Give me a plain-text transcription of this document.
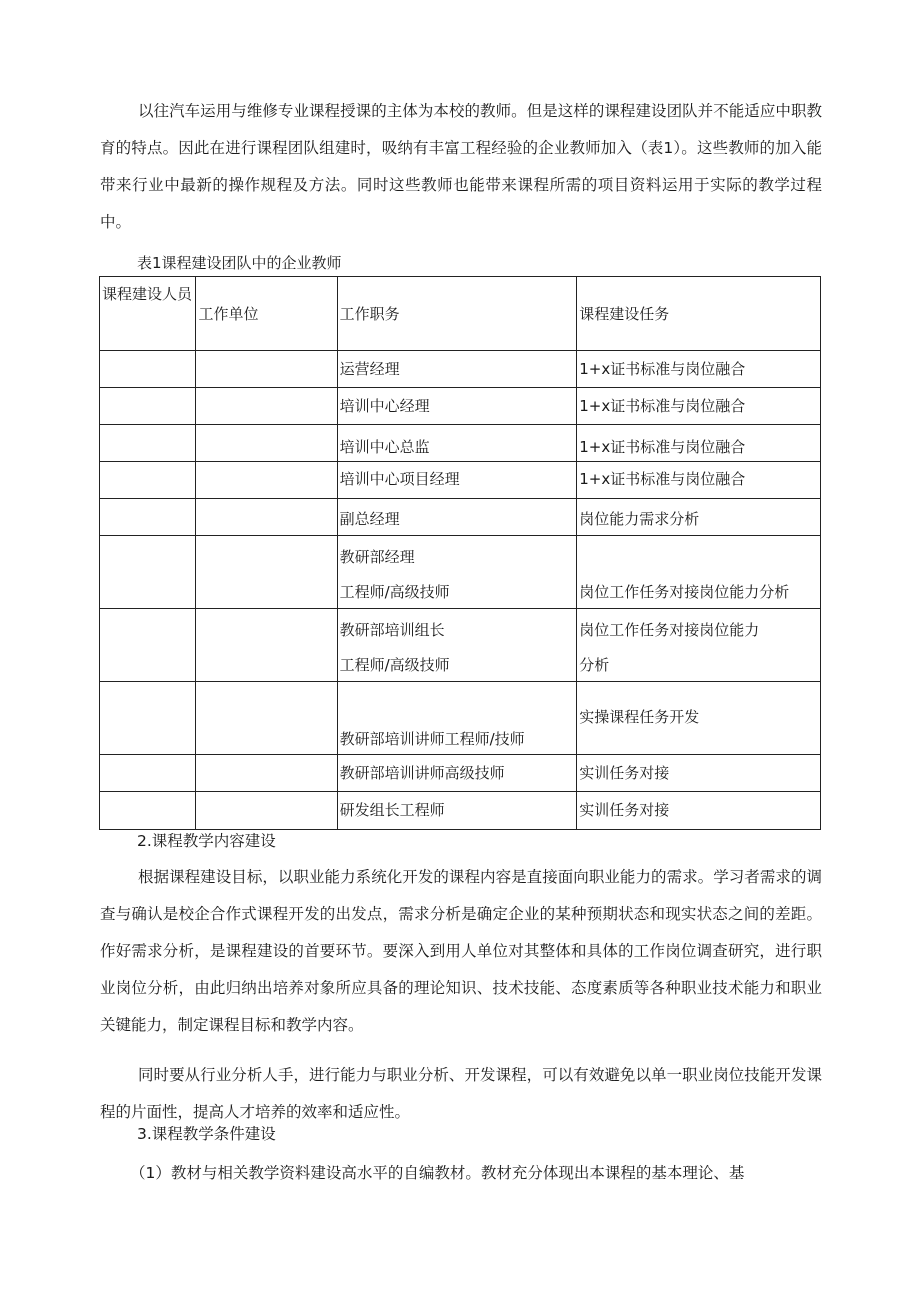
以往汽车运用与维修专业课程授课的主体为本校的教师。但是这样的课程建设团队并不能适应中职教育的特点。因此在进行课程团队组建时，吸纳有丰富工程经验的企业教师加入（表1）。这些教师的加入能带来行业中最新的操作规程及方法。同时这些教师也能带来课程所需的项目资料运用于实际的教学过程中。

表1课程建设团队中的企业教师
课程建设人员	工作单位	工作职务	课程建设任务

		运营经理	1+x证书标准与岗位融合

		培训中心经理	1+x证书标准与岗位融合

		培训中心总监	1+x证书标准与岗位融合

		培训中心项目经理	1+x证书标准与岗位融合

		副总经理	岗位能力需求分析

		教研部经理
工程师/高级技师	岗位工作任务对接岗位能力分析

		教研部培训组长
工程师/高级技师	岗位工作任务对接岗位能力
分析

		教研部培训讲师工程师/技师	实操课程任务开发

		教研部培训讲师高级技师	实训任务对接

		研发组长工程师	实训任务对接
2.课程教学内容建设

根据课程建设目标，以职业能力系统化开发的课程内容是直接面向职业能力的需求。学习者需求的调查与确认是校企合作式课程开发的出发点，需求分析是确定企业的某种预期状态和现实状态之间的差距。作好需求分析，是课程建设的首要环节。要深入到用人单位对其整体和具体的工作岗位调查研究，进行职业岗位分析，由此归纳出培养对象所应具备的理论知识、技术技能、态度素质等各种职业技术能力和职业关键能力，制定课程目标和教学内容。

同时要从行业分析人手，进行能力与职业分析、开发课程，可以有效避免以单一职业岗位技能开发课程的片面性，提高人才培养的效率和适应性。

3.课程教学条件建设

（1）教材与相关教学资料建设高水平的自编教材。教材充分体现出本课程的基本理论、基
